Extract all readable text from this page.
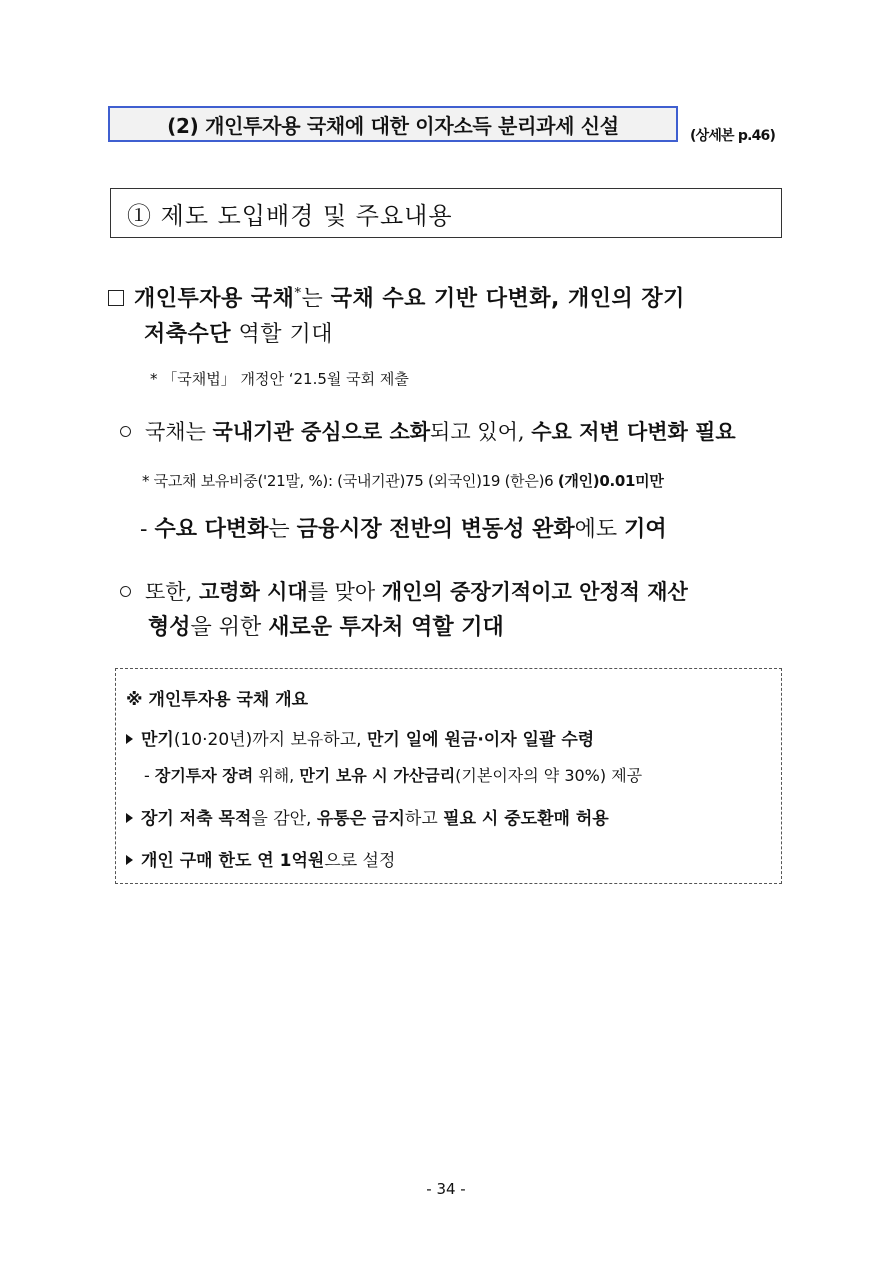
(2) 개인투자용 국채에 대한 이자소득 분리과세 신설	(상세본 p.46)
① 제도 도입배경 및 주요내용
개인투자용 국채*는 국채 수요 기반 다변화, 개인의 장기
저축수단 역할 기대
* 「국채법」 개정안 ‘21.5월 국회 제출
국채는 국내기관 중심으로 소화되고 있어, 수요 저변 다변화 필요
* 국고채 보유비중('21말, %): (국내기관)75 (외국인)19 (한은)6 (개인)0.01미만
- 수요 다변화는 금융시장 전반의 변동성 완화에도 기여
또한, 고령화 시대를 맞아 개인의 중장기적이고 안정적 재산
형성을 위한 새로운 투자처 역할 기대
※ 개인투자용 국채 개요
만기(10·20년)까지 보유하고, 만기 일에 원금·이자 일괄 수령
- 장기투자 장려 위해, 만기 보유 시 가산금리(기본이자의 약 30%) 제공
장기 저축 목적을 감안, 유통은 금지하고 필요 시 중도환매 허용
개인 구매 한도 연 1억원으로 설정
- 34 -
